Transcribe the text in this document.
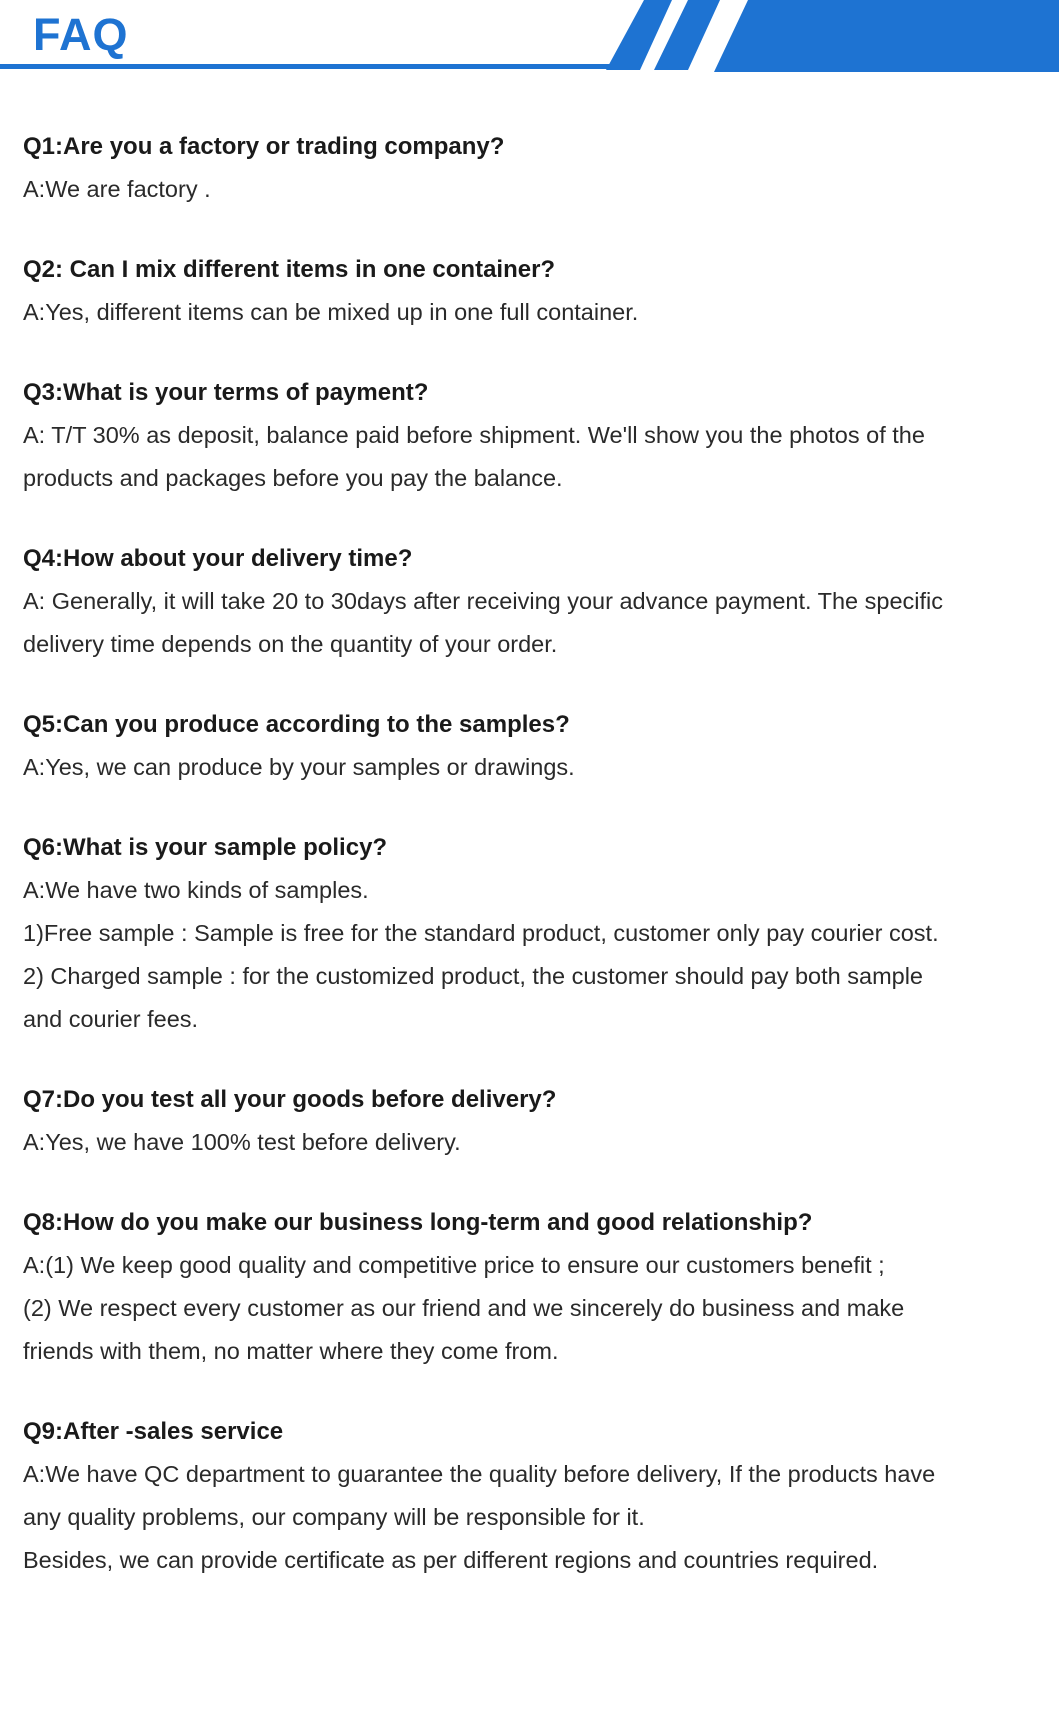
FAQ
Q1:Are you a factory or trading company?
A:We are factory .
Q2: Can I mix different items in one container?
A:Yes, different items can be mixed up in one full container.
Q3:What is your terms of payment?
A: T/T 30% as deposit, balance paid before shipment. We'll show you the photos of the
products and packages before you pay the balance.
Q4:How about your delivery time?
A: Generally, it will take 20 to 30days after receiving your advance payment. The specific
delivery time depends on the quantity of your order.
Q5:Can you produce according to the samples?
A:Yes, we can produce by your samples or drawings.
Q6:What is your sample policy?
A:We have two kinds of samples.
1)Free sample : Sample is free for the standard product, customer only pay courier cost.
2) Charged sample : for the customized product, the customer should pay both sample
and courier fees.
Q7:Do you test all your goods before delivery?
A:Yes, we have 100% test before delivery.
Q8:How do you make our business long-term and good relationship?
A:(1) We keep good quality and competitive price to ensure our customers benefit ;
(2) We respect every customer as our friend and we sincerely do business and make
friends with them, no matter where they come from.
Q9:After -sales service
A:We have QC department to guarantee the quality before delivery, If the products have
any quality problems, our company will be responsible for it.
Besides, we can provide certificate as per different regions and countries required.
